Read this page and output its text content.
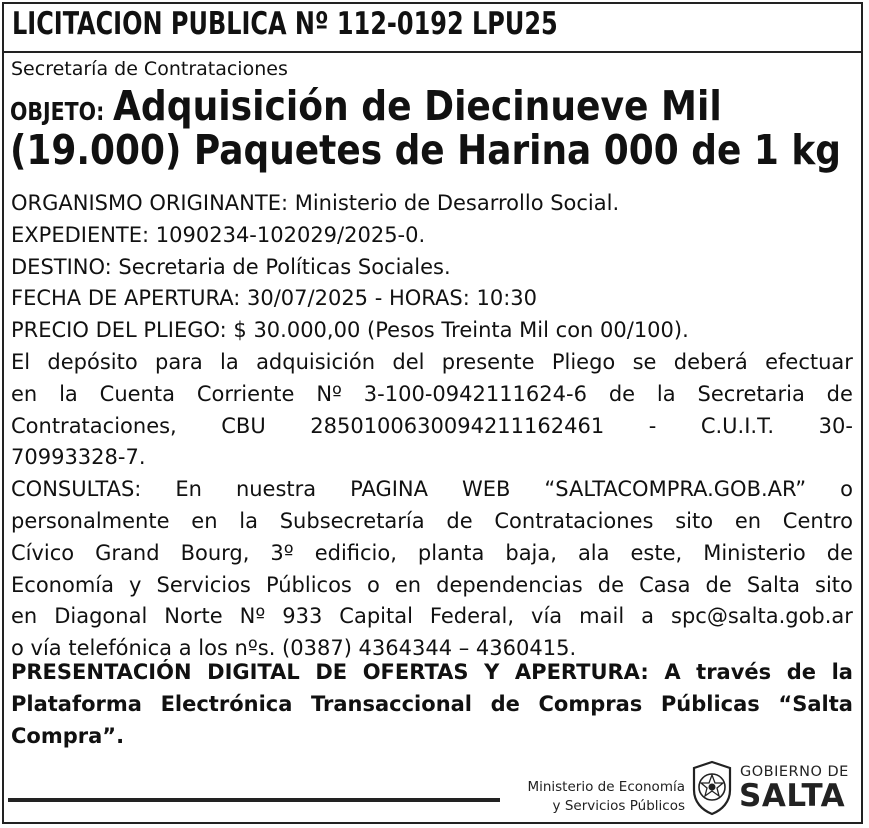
LICITACION PUBLICA Nº 112-0192 LPU25
Secretaría de Contrataciones
OBJETO: Adquisición de Diecinueve Mil
(19.000) Paquetes de Harina 000 de 1 kg
ORGANISMO ORIGINANTE: Ministerio de Desarrollo Social.
EXPEDIENTE: 1090234-102029/2025-0.
DESTINO: Secretaria de Políticas Sociales.
FECHA DE APERTURA: 30/07/2025 - HORAS: 10:30
PRECIO DEL PLIEGO: $ 30.000,00 (Pesos Treinta Mil con 00/100).
El depósito para la adquisición del presente Pliego se deberá efectuar
en la Cuenta Corriente Nº 3-100-0942111624-6 de la Secretaria de
Contrataciones, CBU 2850100630094211162461 - C.U.I.T. 30-
70993328-7.
CONSULTAS: En nuestra PAGINA WEB “SALTACOMPRA.GOB.AR” o
personalmente en la Subsecretaría de Contrataciones sito en Centro
Cívico Grand Bourg, 3º edificio, planta baja, ala este, Ministerio de
Economía y Servicios Públicos o en dependencias de Casa de Salta sito
en Diagonal Norte Nº 933 Capital Federal, vía mail a spc@salta.gob.ar
o vía telefónica a los nºs. (0387) 4364344 – 4360415.
PRESENTACIÓN DIGITAL DE OFERTAS Y APERTURA: A través de la
Plataforma Electrónica Transaccional de Compras Públicas “Salta
Compra”.
Ministerio de Economía
y Servicios Públicos
GOBIERNO DE
SALTA
